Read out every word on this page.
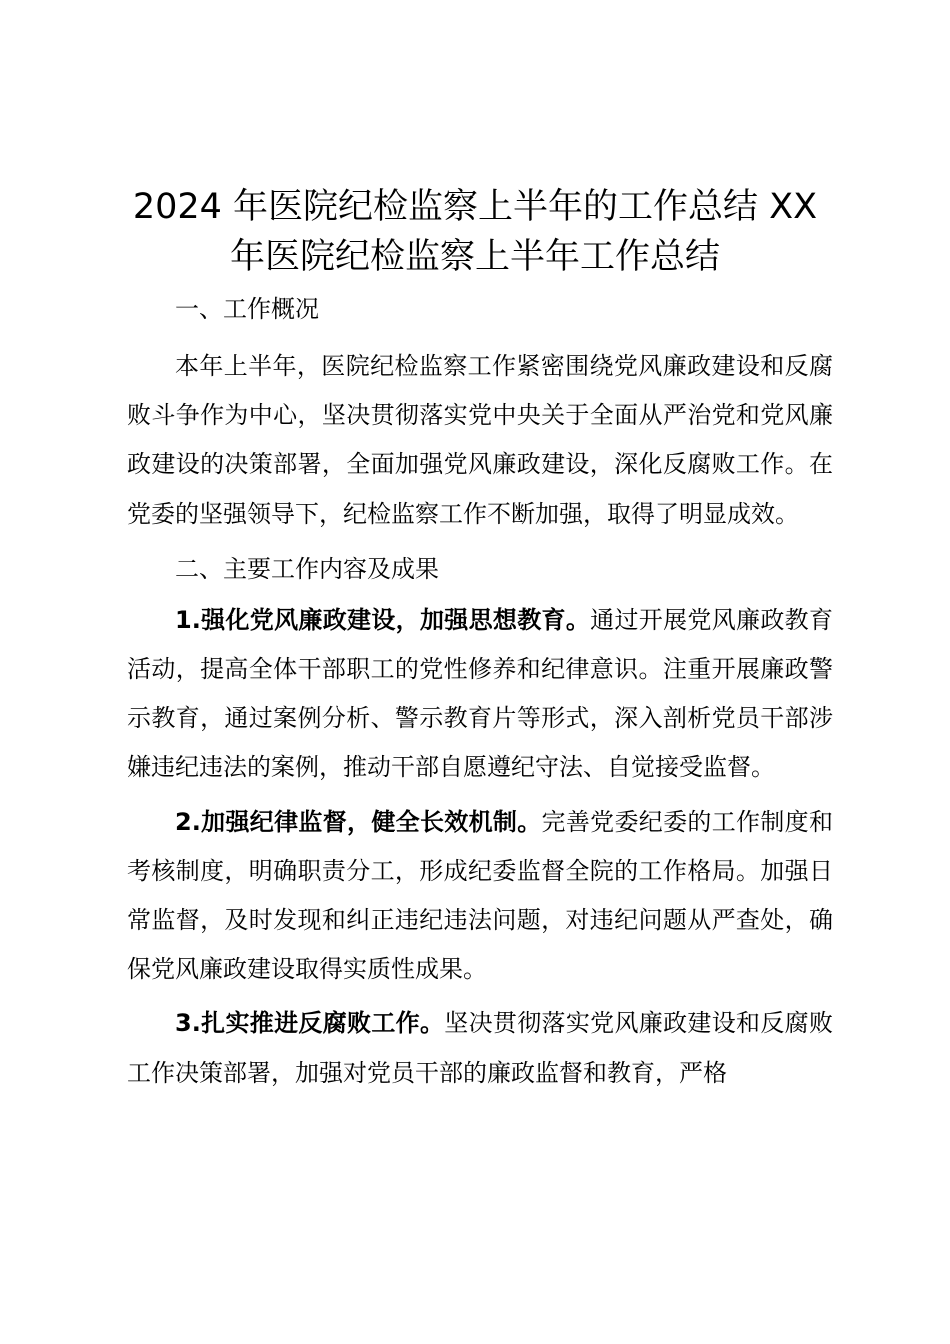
2024 年医院纪检监察上半年的工作总结 XX
年医院纪检监察上半年工作总结

一、工作概况

本年上半年，医院纪检监察工作紧密围绕党风廉政建设和反腐败斗争作为中心，坚决贯彻落实党中央关于全面从严治党和党风廉政建设的决策部署，全面加强党风廉政建设，深化反腐败工作。在党委的坚强领导下，纪检监察工作不断加强，取得了明显成效。

二、主要工作内容及成果

1.强化党风廉政建设，加强思想教育。通过开展党风廉政教育活动，提高全体干部职工的党性修养和纪律意识。注重开展廉政警示教育，通过案例分析、警示教育片等形式，深入剖析党员干部涉嫌违纪违法的案例，推动干部自愿遵纪守法、自觉接受监督。

2.加强纪律监督，健全长效机制。完善党委纪委的工作制度和考核制度，明确职责分工，形成纪委监督全院的工作格局。加强日常监督，及时发现和纠正违纪违法问题，对违纪问题从严查处，确保党风廉政建设取得实质性成果。

3.扎实推进反腐败工作。坚决贯彻落实党风廉政建设和反腐败工作决策部署，加强对党员干部的廉政监督和教育，严格
